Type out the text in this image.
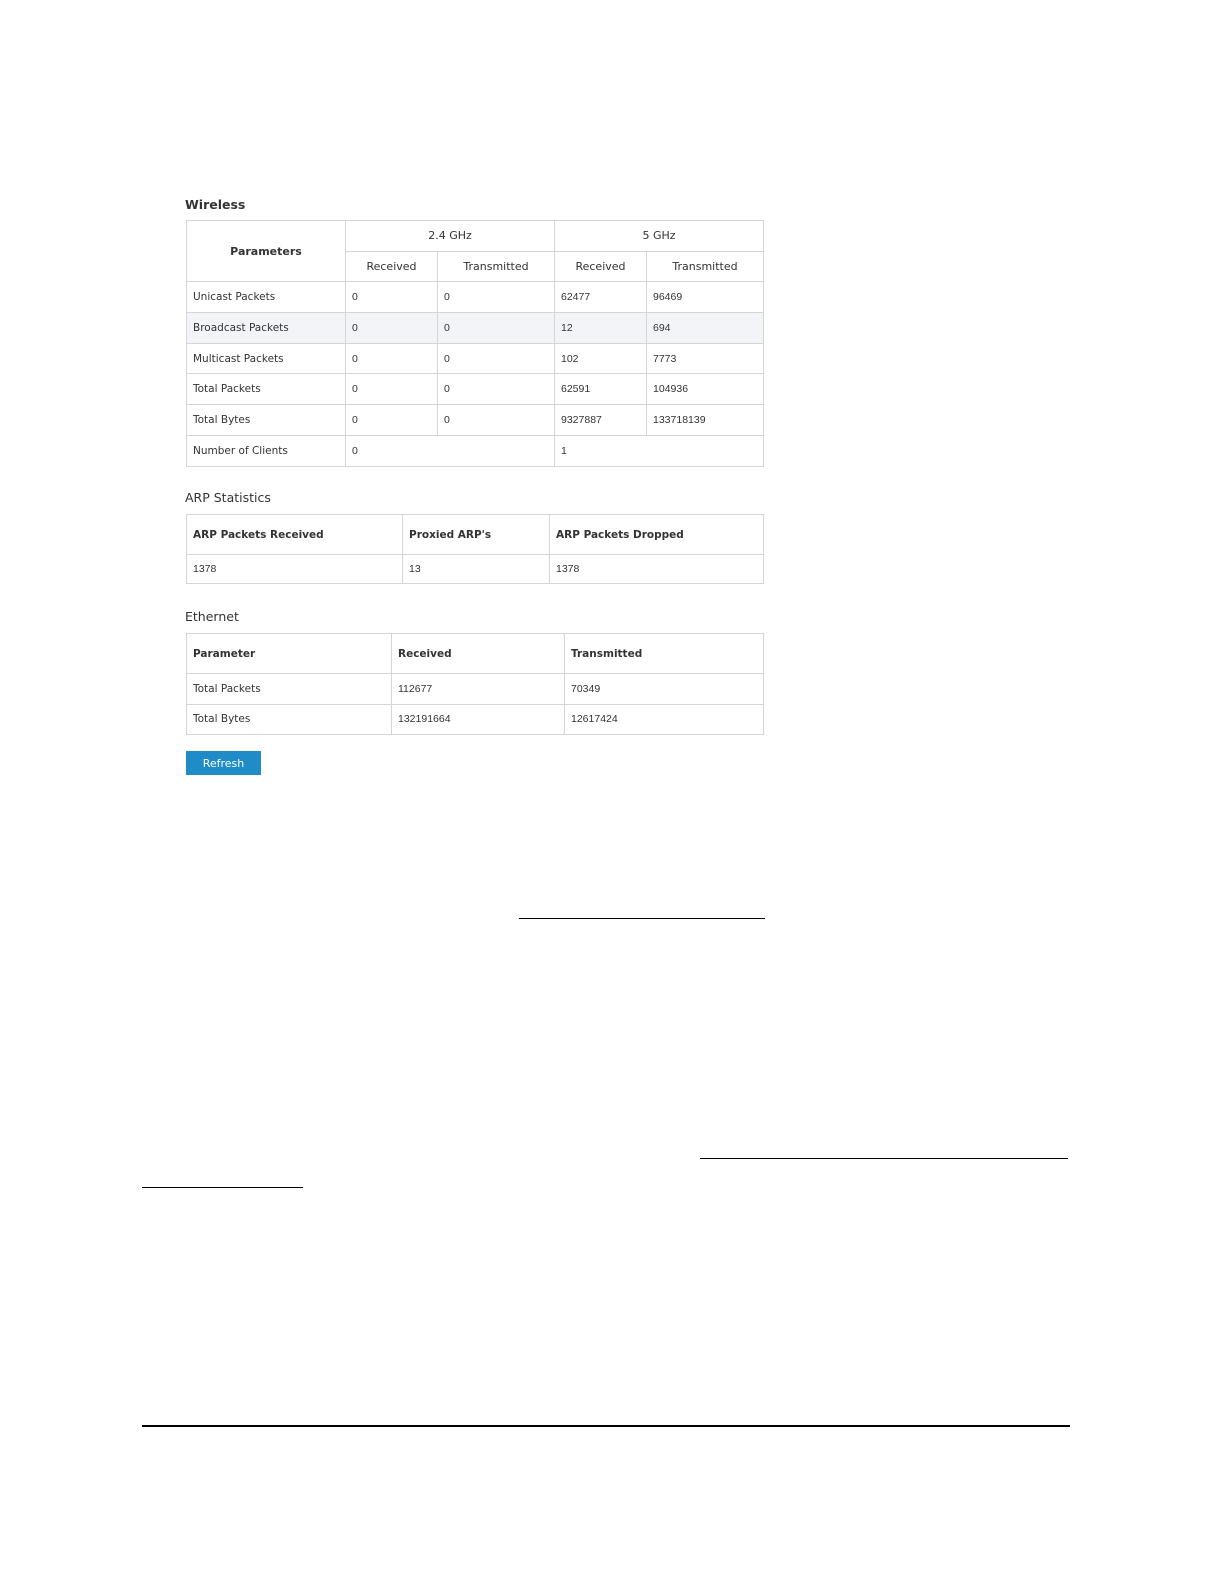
Wireless
Parameters	2.4 GHz		5 GHz	
	Received	Transmitted	Received	Transmitted
Unicast Packets	0	0	62477	96469
Broadcast Packets	0	0	12	694
Multicast Packets	0	0	102	7773
Total Packets	0	0	62591	104936
Total Bytes	0	0	9327887	133718139
Number of Clients	0		1	
ARP Statistics
ARP Packets Received	Proxied ARP's	ARP Packets Dropped
1378	13	1378
Ethernet
Parameter	Received	Transmitted
Total Packets	112677	70349
Total Bytes	132191664	12617424
Refresh
